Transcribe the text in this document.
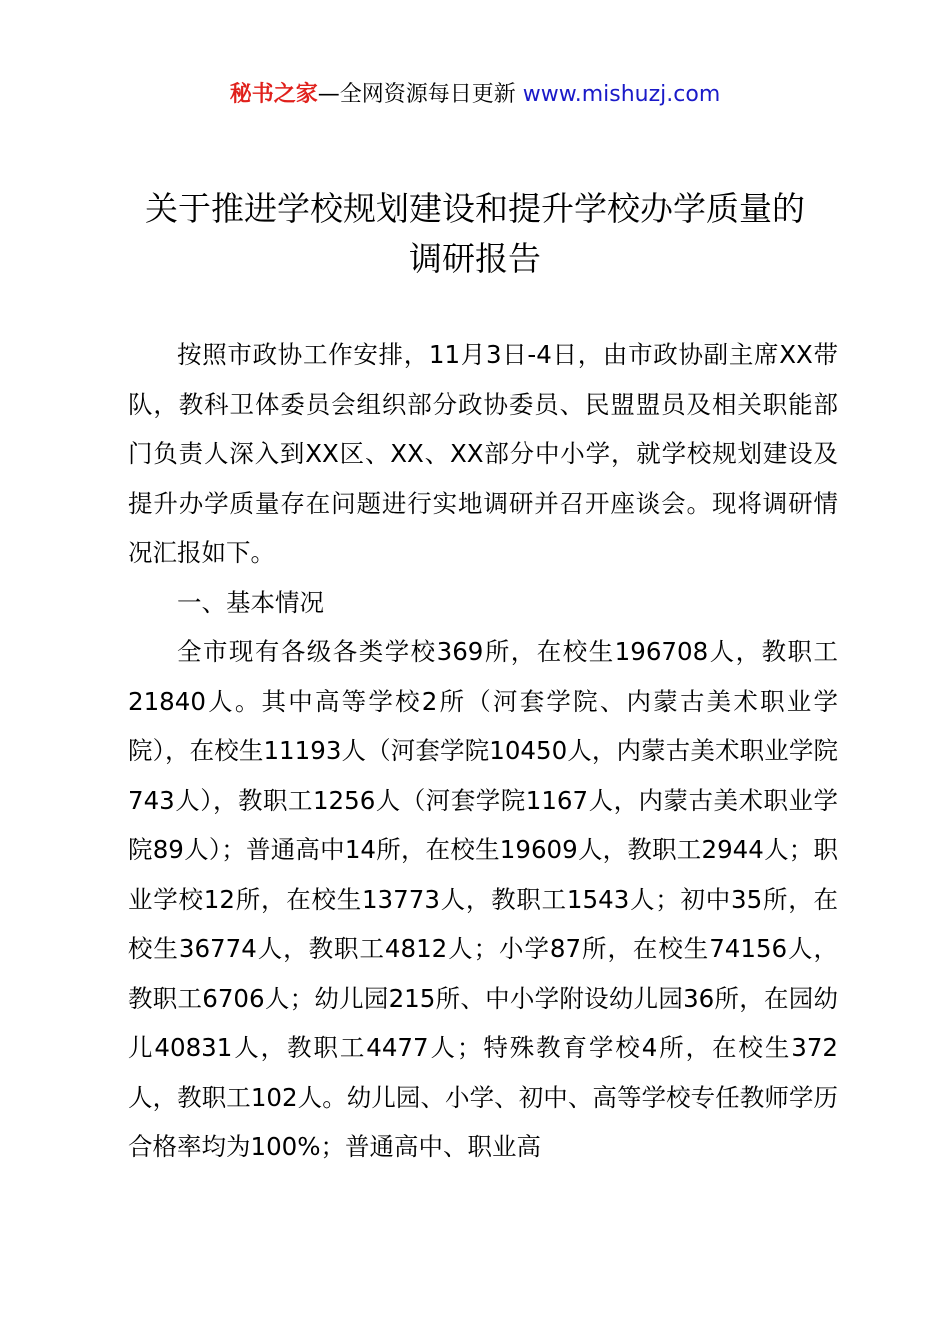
秘书之家—全网资源每日更新 www.mishuzj.com
关于推进学校规划建设和提升学校办学质量的
调研报告

按照市政协工作安排，11月3日-4日，由市政协副主席XX带队，教科卫体委员会组织部分政协委员、民盟盟员及相关职能部门负责人深入到XX区、XX、XX部分中小学，就学校规划建设及提升办学质量存在问题进行实地调研并召开座谈会。现将调研情况汇报如下。

一、基本情况

全市现有各级各类学校369所，在校生196708人，教职工21840人。其中高等学校2所（河套学院、内蒙古美术职业学院），在校生11193人（河套学院10450人，内蒙古美术职业学院743人），教职工1256人（河套学院1167人，内蒙古美术职业学院89人）；普通高中14所，在校生19609人，教职工2944人；职业学校12所，在校生13773人，教职工1543人；初中35所，在校生36774人，教职工4812人；小学87所，在校生74156人，教职工6706人；幼儿园215所、中小学附设幼儿园36所，在园幼儿40831人，教职工4477人；特殊教育学校4所，在校生372人，教职工102人。幼儿园、小学、初中、高等学校专任教师学历合格率均为100%；普通高中、职业高
